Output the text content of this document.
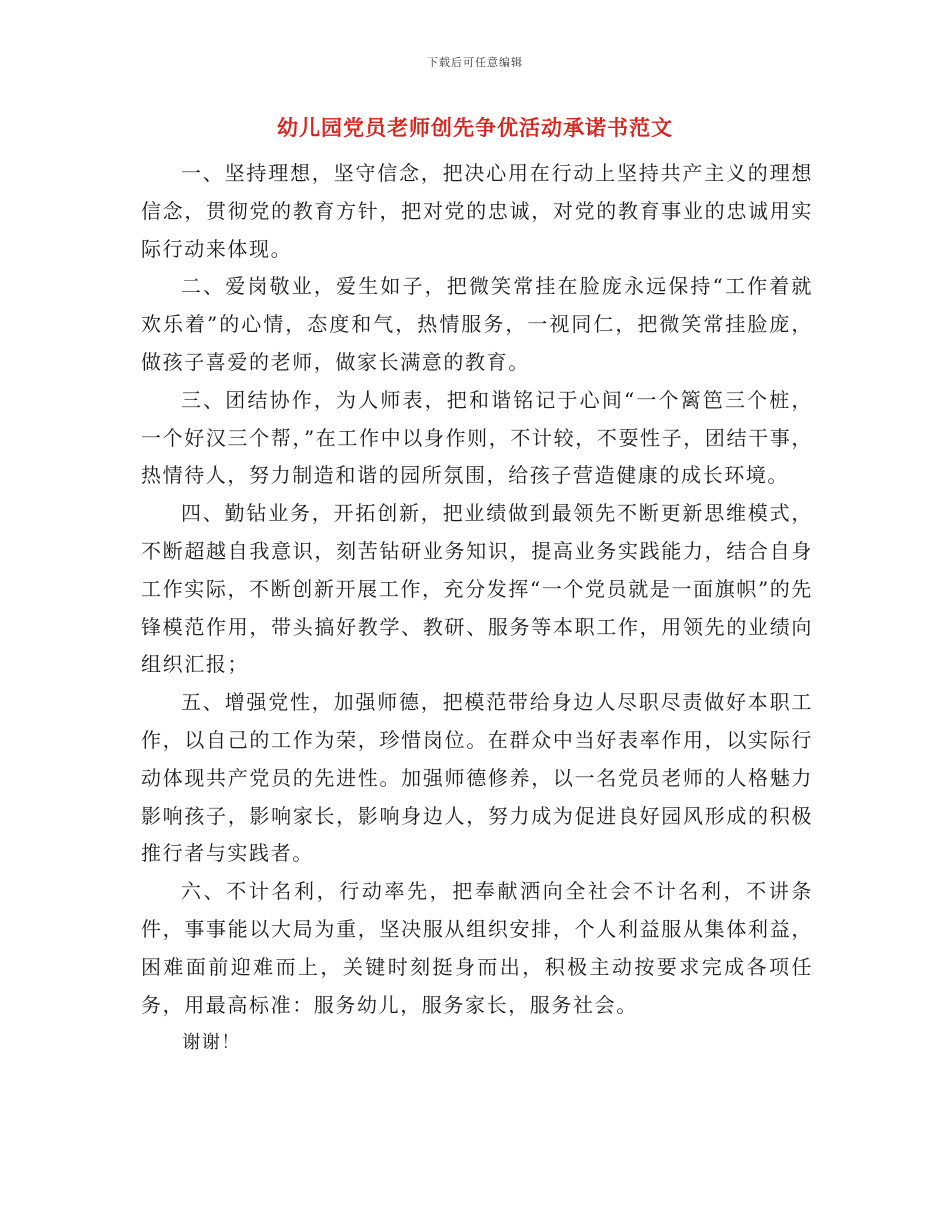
下载后可任意编辑
幼儿园党员老师创先争优活动承诺书范文

一、坚持理想，坚守信念，把决心用在行动上坚持共产主义的理想信念，贯彻党的教育方针，把对党的忠诚，对党的教育事业的忠诚用实际行动来体现。

二、爱岗敬业，爱生如子，把微笑常挂在脸庞永远保持“工作着就欢乐着”的心情，态度和气，热情服务，一视同仁，把微笑常挂脸庞，做孩子喜爱的老师，做家长满意的教育。

三、团结协作，为人师表，把和谐铭记于心间“一个篱笆三个桩，一个好汉三个帮，”在工作中以身作则，不计较，不耍性子，团结干事，热情待人，努力制造和谐的园所氛围，给孩子营造健康的成长环境。

四、勤钻业务，开拓创新，把业绩做到最领先不断更新思维模式，不断超越自我意识，刻苦钻研业务知识，提高业务实践能力，结合自身工作实际，不断创新开展工作，充分发挥“一个党员就是一面旗帜”的先锋模范作用，带头搞好教学、教研、服务等本职工作，用领先的业绩向组织汇报；

五、增强党性，加强师德，把模范带给身边人尽职尽责做好本职工作，以自己的工作为荣，珍惜岗位。在群众中当好表率作用，以实际行动体现共产党员的先进性。加强师德修养，以一名党员老师的人格魅力影响孩子，影响家长，影响身边人，努力成为促进良好园风形成的积极推行者与实践者。

六、不计名利，行动率先，把奉献洒向全社会不计名利，不讲条件，事事能以大局为重，坚决服从组织安排，个人利益服从集体利益，困难面前迎难而上，关键时刻挺身而出，积极主动按要求完成各项任务，用最高标准：服务幼儿，服务家长，服务社会。

谢谢！
